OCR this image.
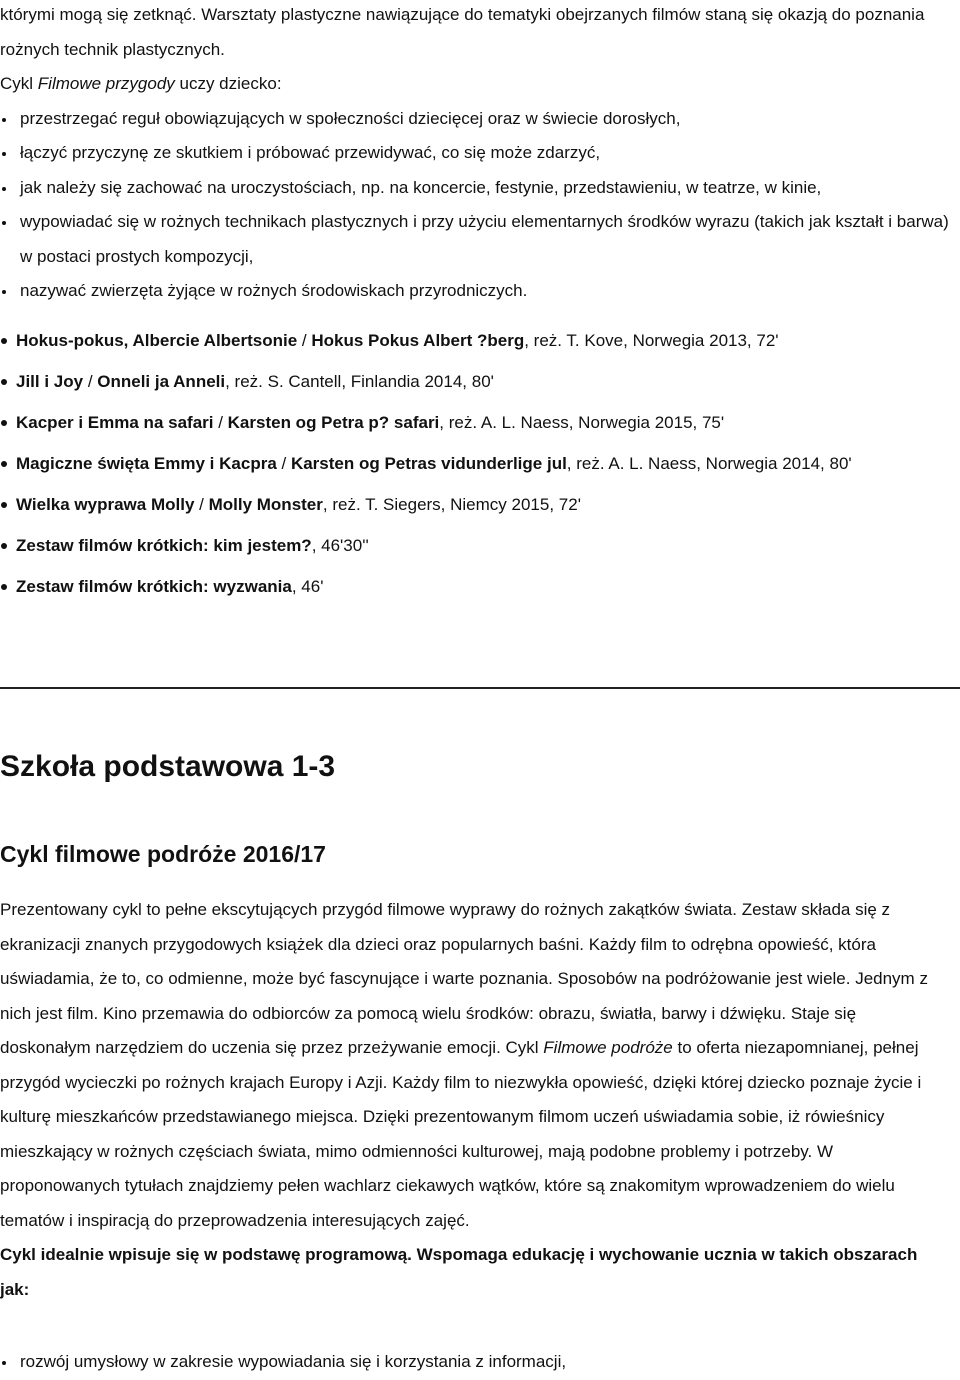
którymi mogą się zetknąć. Warsztaty plastyczne nawiązujące do tematyki obejrzanych filmów staną się okazją do poznania rożnych technik plastycznych.

Cykl Filmowe przygody uczy dziecko:

przestrzegać reguł obowiązujących w społeczności dziecięcej oraz w świecie dorosłych,
łączyć przyczynę ze skutkiem i próbować przewidywać, co się może zdarzyć,
jak należy się zachować na uroczystościach, np. na koncercie, festynie, przedstawieniu, w teatrze, w kinie,
wypowiadać się w rożnych technikach plastycznych i przy użyciu elementarnych środków wyrazu (takich jak kształt i barwa) w postaci prostych kompozycji,
nazywać zwierzęta żyjące w rożnych środowiskach przyrodniczych.
Hokus-pokus, Albercie Albertsonie / Hokus Pokus Albert ?berg, reż. T. Kove, Norwegia 2013, 72'
Jill i Joy / Onneli ja Anneli, reż. S. Cantell, Finlandia 2014, 80'
Kacper i Emma na safari / Karsten og Petra p? safari, reż. A. L. Naess, Norwegia 2015, 75'
Magiczne święta Emmy i Kacpra / Karsten og Petras vidunderlige jul, reż. A. L. Naess, Norwegia 2014, 80'
Wielka wyprawa Molly / Molly Monster, reż. T. Siegers, Niemcy 2015, 72'
Zestaw filmów krótkich: kim jestem?, 46'30''
Zestaw filmów krótkich: wyzwania, 46'
Szkoła podstawowa 1-3
Cykl filmowe podróże 2016/17

Prezentowany cykl to pełne ekscytujących przygód filmowe wyprawy do rożnych zakątków świata. Zestaw składa się z ekranizacji znanych przygodowych książek dla dzieci oraz popularnych baśni. Każdy film to odrębna opowieść, która uświadamia, że to, co odmienne, może być fascynujące i warte poznania. Sposobów na podróżowanie jest wiele. Jednym z nich jest film. Kino przemawia do odbiorców za pomocą wielu środków: obrazu, światła, barwy i dźwięku. Staje się doskonałym narzędziem do uczenia się przez przeżywanie emocji. Cykl Filmowe podróże to oferta niezapomnianej, pełnej przygód wycieczki po rożnych krajach Europy i Azji. Każdy film to niezwykła opowieść, dzięki której dziecko poznaje życie i kulturę mieszkańców przedstawianego miejsca. Dzięki prezentowanym filmom uczeń uświadamia sobie, iż rówieśnicy mieszkający w rożnych częściach świata, mimo odmienności kulturowej, mają podobne problemy i potrzeby. W proponowanych tytułach znajdziemy pełen wachlarz ciekawych wątków, które są znakomitym wprowadzeniem do wielu tematów i inspiracją do przeprowadzenia interesujących zajęć.

Cykl idealnie wpisuje się w podstawę programową. Wspomaga edukację i wychowanie ucznia w takich obszarach jak:

rozwój umysłowy w zakresie wypowiadania się i korzystania z informacji,
